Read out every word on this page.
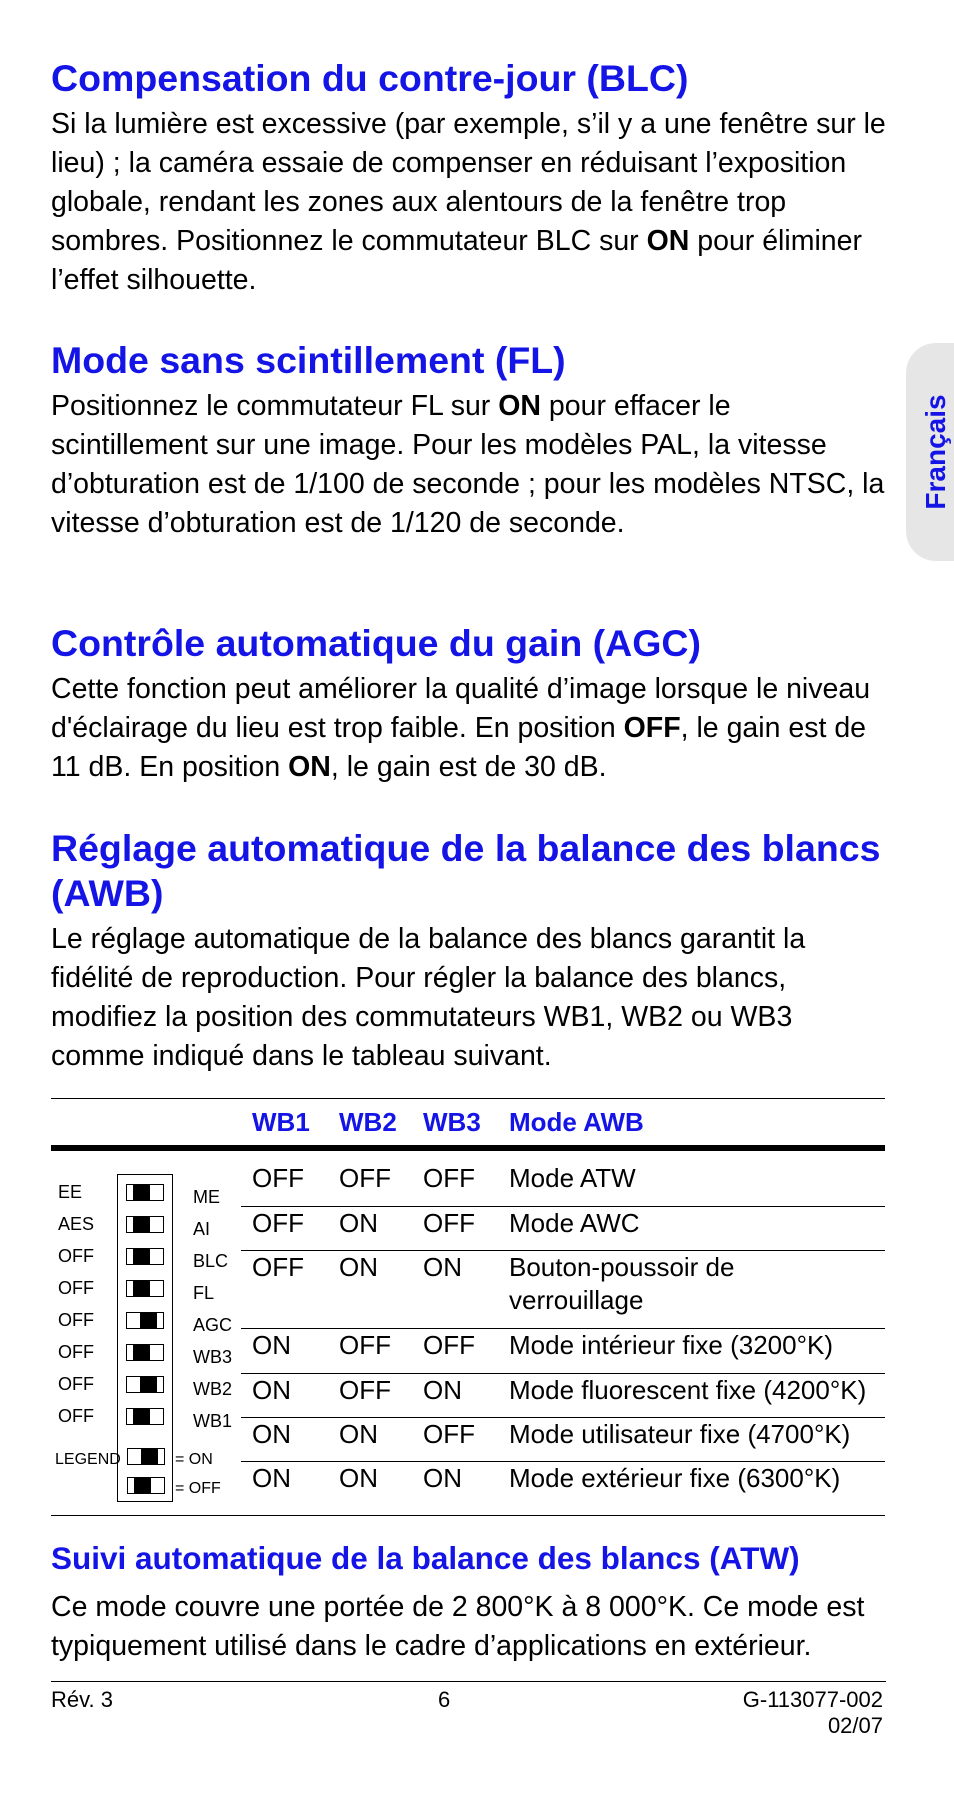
Français
Compensation du contre-jour (BLC)

Si la lumière est excessive (par exemple, s’il y a une fenêtre sur le lieu) ; la caméra essaie de compenser en réduisant l’exposition globale, rendant les zones aux alentours de la fenêtre trop sombres. Positionnez le commutateur BLC sur ON pour éliminer l’effet silhouette.

Mode sans scintillement (FL)

Positionnez le commutateur FL sur ON pour effacer le scintillement sur une image. Pour les modèles PAL, la vitesse d’obturation est de 1/100 de seconde ; pour les modèles NTSC, la vitesse d’obturation est de 1/120 de seconde.

Contrôle automatique du gain (AGC)

Cette fonction peut améliorer la qualité d’image lorsque le niveau d'éclairage du lieu est trop faible. En position OFF, le gain est de 11 dB. En position ON, le gain est de 30 dB.

Réglage automatique de la balance des blancs (AWB)

Le réglage automatique de la balance des blancs garantit la fidélité de reproduction. Pour régler la balance des blancs, modifiez la position des commutateurs WB1, WB2 ou WB3 comme indiqué dans le tableau suivant.

Suivi automatique de la balance des blancs (ATW)

Ce mode couvre une portée de 2 800°K à 8 000°K. Ce mode est typiquement utilisé dans le cadre d’applications en extérieur.

WB1 WB2 WB3 Mode AWB
OFF OFF OFF Mode ATW
OFF ON OFF Mode AWC
OFF ON ON Bouton-poussoir de verrouillage
ON OFF OFF Mode intérieur fixe (3200°K)
ON OFF ON Mode fluorescent fixe (4200°K)
ON ON OFF Mode utilisateur fixe (4700°K)
ON ON ON Mode extérieur fixe (6300°K)
EE	ME
AES	AI
OFF	BLC
OFF	FL
OFF	AGC
OFF	WB3
OFF	WB2
OFF	WB1
LEGEND	= ON
= OFF
Rév. 3	6	G-113077-002
02/07
